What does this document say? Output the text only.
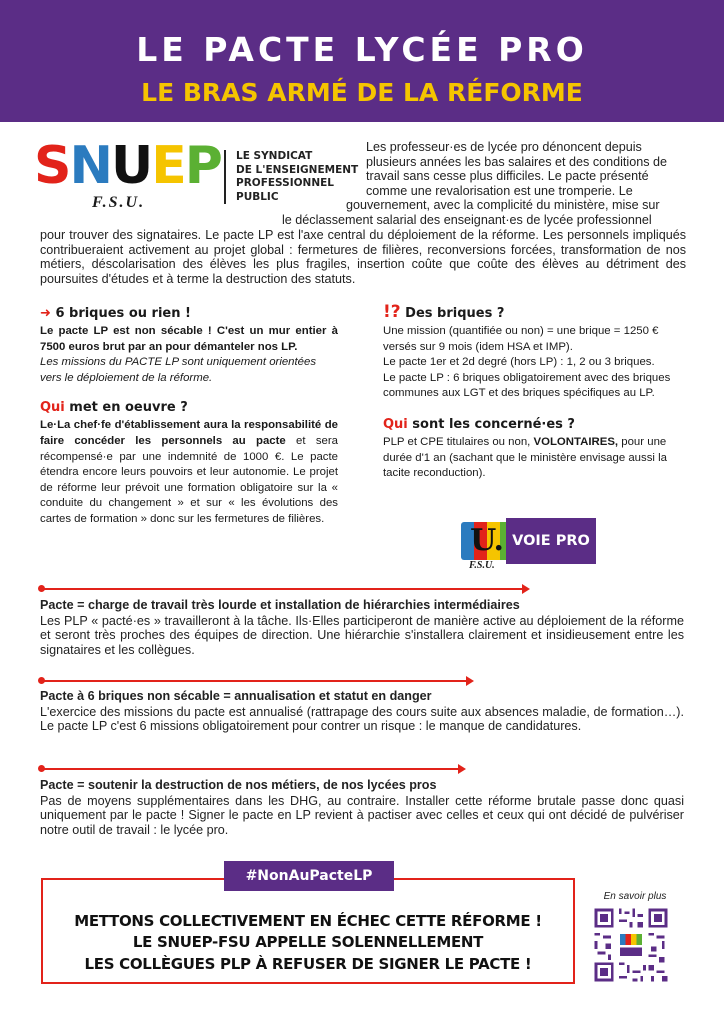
LE PACTE LYCÉE PRO
LE BRAS ARMÉ DE LA RÉFORME
SNUEP
F.S.U.
LE SYNDICAT
DE L'ENSEIGNEMENT
PROFESSIONNEL
PUBLIC
Les professeur·es de lycée pro dénoncent depuis
plusieurs années les bas salaires et des conditions de
travail sans cesse plus difficiles. Le pacte présenté
comme une revalorisation est une tromperie. Le
gouvernement, avec la complicité du ministère, mise sur
le déclassement salarial des enseignant·es de lycée professionnel
pour trouver des signataires. Le pacte LP est l'axe central du déploiement de la réforme. Les personnels impliqués contribueraient activement au projet global : fermetures de filières, reconversions forcées, transformation de nos métiers, déscolarisation des élèves les plus fragiles, insertion coûte que coûte des élèves au détriment des poursuites d'études et à terme la destruction des statuts.
➜ 6 briques ou rien !
Le pacte LP est non sécable ! C'est un mur entier à 7500 euros brut par an pour démanteler nos LP.
Les missions du PACTE LP sont uniquement orientées vers le déploiement de la réforme.
Qui met en oeuvre ?
Le·La chef·fe d'établissement aura la responsabilité de faire concéder les personnels au pacte et sera récompensé·e par une indemnité de 1000 €. Le pacte étendra encore leurs pouvoirs et leur autonomie. Le projet de réforme leur prévoit une formation obligatoire sur la « conduite du changement » et sur « les évolutions des cartes de formation » donc sur les fermetures de filières.
!? Des briques ?
Une mission (quantifiée ou non) = une brique = 1250 € versés sur 9 mois (idem HSA et IMP).
Le pacte 1er et 2d degré (hors LP) : 1, 2 ou 3 briques.
Le pacte LP : 6 briques obligatoirement avec des briques communes aux LGT et des briques spécifiques au LP.
Qui sont les concerné·es ?
PLP et CPE titulaires ou non, VOLONTAIRES, pour une durée d'1 an (sachant que le ministère envisage aussi la tacite reconduction).
U.
F.S.U.
VOIE PRO
Pacte = charge de travail très lourde et installation de hiérarchies intermédiaires
Les PLP « pacté·es » travailleront à la tâche. Ils·Elles participeront de manière active au déploiement de la réforme et seront très proches des équipes de direction. Une hiérarchie s'installera clairement et insidieusement entre les signataires et les collègues.
Pacte à 6 briques non sécable = annualisation et statut en danger
L'exercice des missions du pacte est annualisé (rattrapage des cours suite aux absences maladie, de formation…). Le pacte LP c'est 6 missions obligatoirement pour contrer un risque : le manque de candidatures.
Pacte = soutenir la destruction de nos métiers, de nos lycées pros
Pas de moyens supplémentaires dans les DHG, au contraire. Installer cette réforme brutale passe donc quasi uniquement par le pacte ! Signer le pacte en LP revient à pactiser avec celles et ceux qui ont décidé de pulvériser notre outil de travail : le lycée pro.
METTONS COLLECTIVEMENT EN ÉCHEC CETTE RÉFORME !
LE SNUEP-FSU APPELLE SOLENNELLEMENT
LES COLLÈGUES PLP À REFUSER DE SIGNER LE PACTE !
#NonAuPacteLP
En savoir plus
